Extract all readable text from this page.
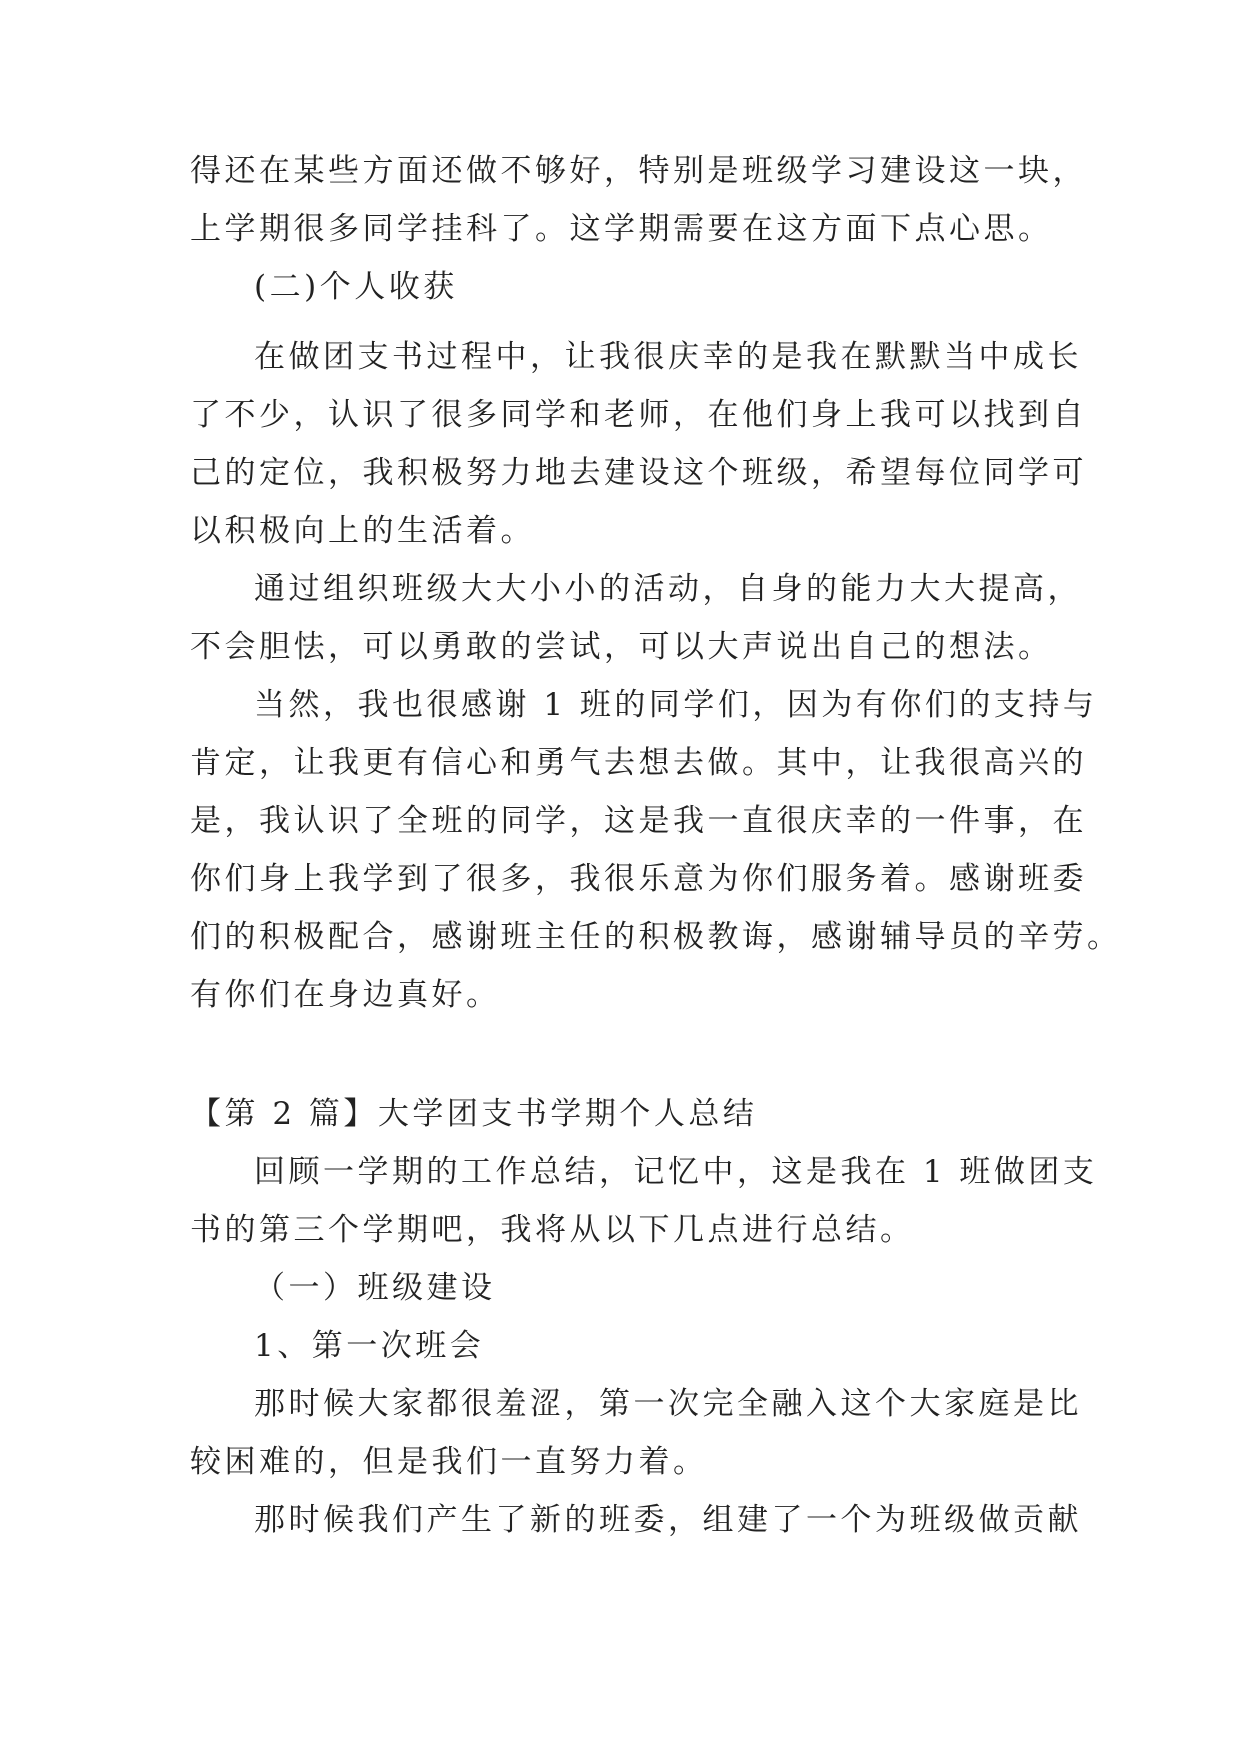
得还在某些方面还做不够好，特别是班级学习建设这一块，

上学期很多同学挂科了。这学期需要在这方面下点心思。

(二)个人收获

在做团支书过程中，让我很庆幸的是我在默默当中成长

了不少，认识了很多同学和老师，在他们身上我可以找到自

己的定位，我积极努力地去建设这个班级，希望每位同学可

以积极向上的生活着。

通过组织班级大大小小的活动，自身的能力大大提高，

不会胆怯，可以勇敢的尝试，可以大声说出自己的想法。

当然，我也很感谢 1 班的同学们，因为有你们的支持与

肯定，让我更有信心和勇气去想去做。其中，让我很高兴的

是，我认识了全班的同学，这是我一直很庆幸的一件事，在

你们身上我学到了很多，我很乐意为你们服务着。感谢班委

们的积极配合，感谢班主任的积极教诲，感谢辅导员的辛劳。

有你们在身边真好。

【第 2 篇】大学团支书学期个人总结

回顾一学期的工作总结，记忆中，这是我在 1 班做团支

书的第三个学期吧，我将从以下几点进行总结。

（一）班级建设

1、第一次班会

那时候大家都很羞涩，第一次完全融入这个大家庭是比

较困难的，但是我们一直努力着。

那时候我们产生了新的班委，组建了一个为班级做贡献
